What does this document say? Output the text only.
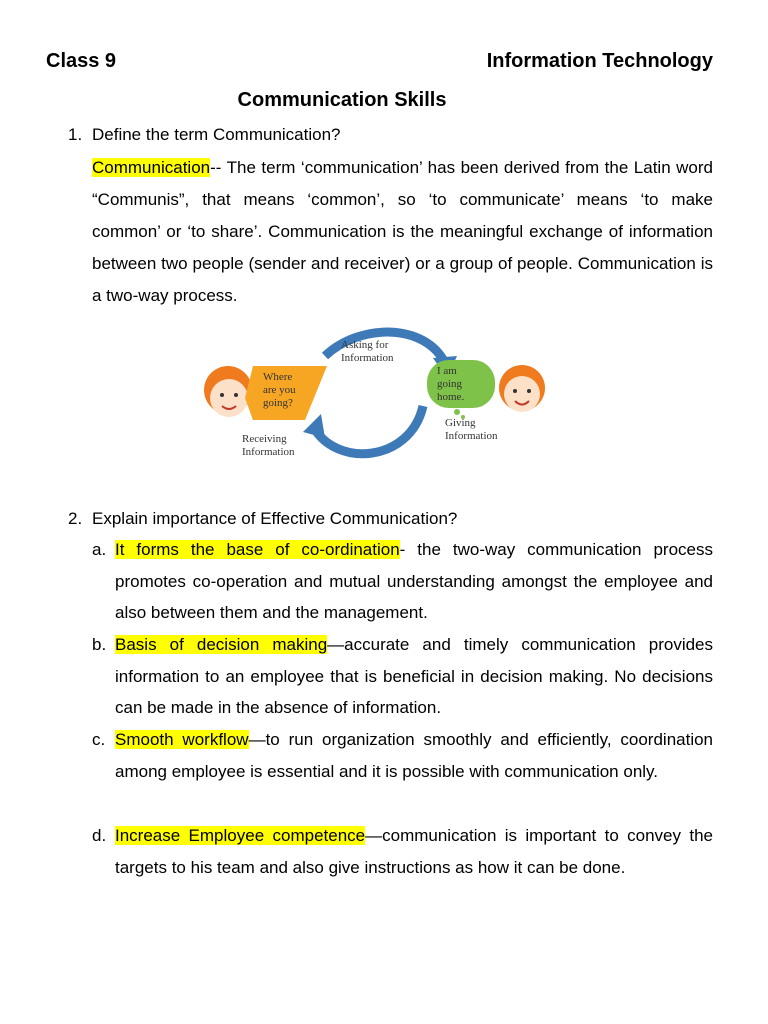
Class 9	Information Technology
Communication Skills
1. Define the term Communication?
Communication-- The term ‘communication’ has been derived from the Latin word “Communis”, that means ‘common’, so ‘to communicate’ means ‘to make common’ or ‘to share’. Communication is the meaningful exchange of information between two people (sender and receiver) or a group of people. Communication is a two-way process.
Asking for
Information
Where
are you
going?
I am
going
home.
Giving
Information
Receiving
Information
2. Explain importance of Effective Communication?
a. It forms the base of co-ordination- the two-way communication process promotes co-operation and mutual understanding amongst the employee and also between them and the management.
b. Basis of decision making—accurate and timely communication provides information to an employee that is beneficial in decision making. No decisions can be made in the absence of information.
c. Smooth workflow—to run organization smoothly and efficiently, coordination among employee is essential and it is possible with communication only.
d. Increase Employee competence—communication is important to convey the targets to his team and also give instructions as how it can be done.
